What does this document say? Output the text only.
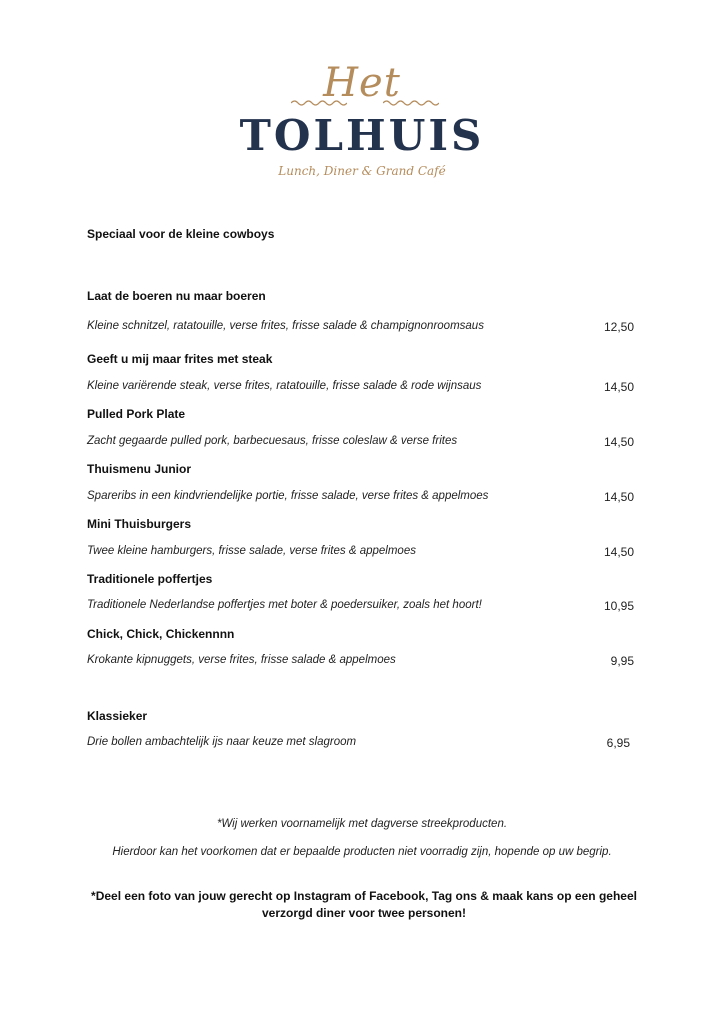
Het
TOLHUIS
Lunch, Diner & Grand Café
Speciaal voor de kleine cowboys
Laat de boeren nu maar boeren
Kleine schnitzel, ratatouille, verse frites, frisse salade & champignonroomsaus	12,50
Geeft u mij maar frites met steak
Kleine variërende steak, verse frites, ratatouille, frisse salade & rode wijnsaus	14,50
Pulled Pork Plate
Zacht gegaarde pulled pork, barbecuesaus, frisse coleslaw & verse frites	14,50
Thuismenu Junior
Spareribs in een kindvriendelijke portie, frisse salade, verse frites & appelmoes	14,50
Mini Thuisburgers
Twee kleine hamburgers, frisse salade, verse frites & appelmoes	14,50
Traditionele poffertjes
Traditionele Nederlandse poffertjes met boter & poedersuiker, zoals het hoort!	10,95
Chick, Chick, Chickennnn
Krokante kipnuggets, verse frites, frisse salade & appelmoes	9,95
Klassieker
Drie bollen ambachtelijk ijs naar keuze met slagroom	6,95
*Wij werken voornamelijk met dagverse streekproducten.
Hierdoor kan het voorkomen dat er bepaalde producten niet voorradig zijn, hopende op uw begrip.
*Deel een foto van jouw gerecht op Instagram of Facebook, Tag ons & maak kans op een geheel verzorgd diner voor twee personen!
